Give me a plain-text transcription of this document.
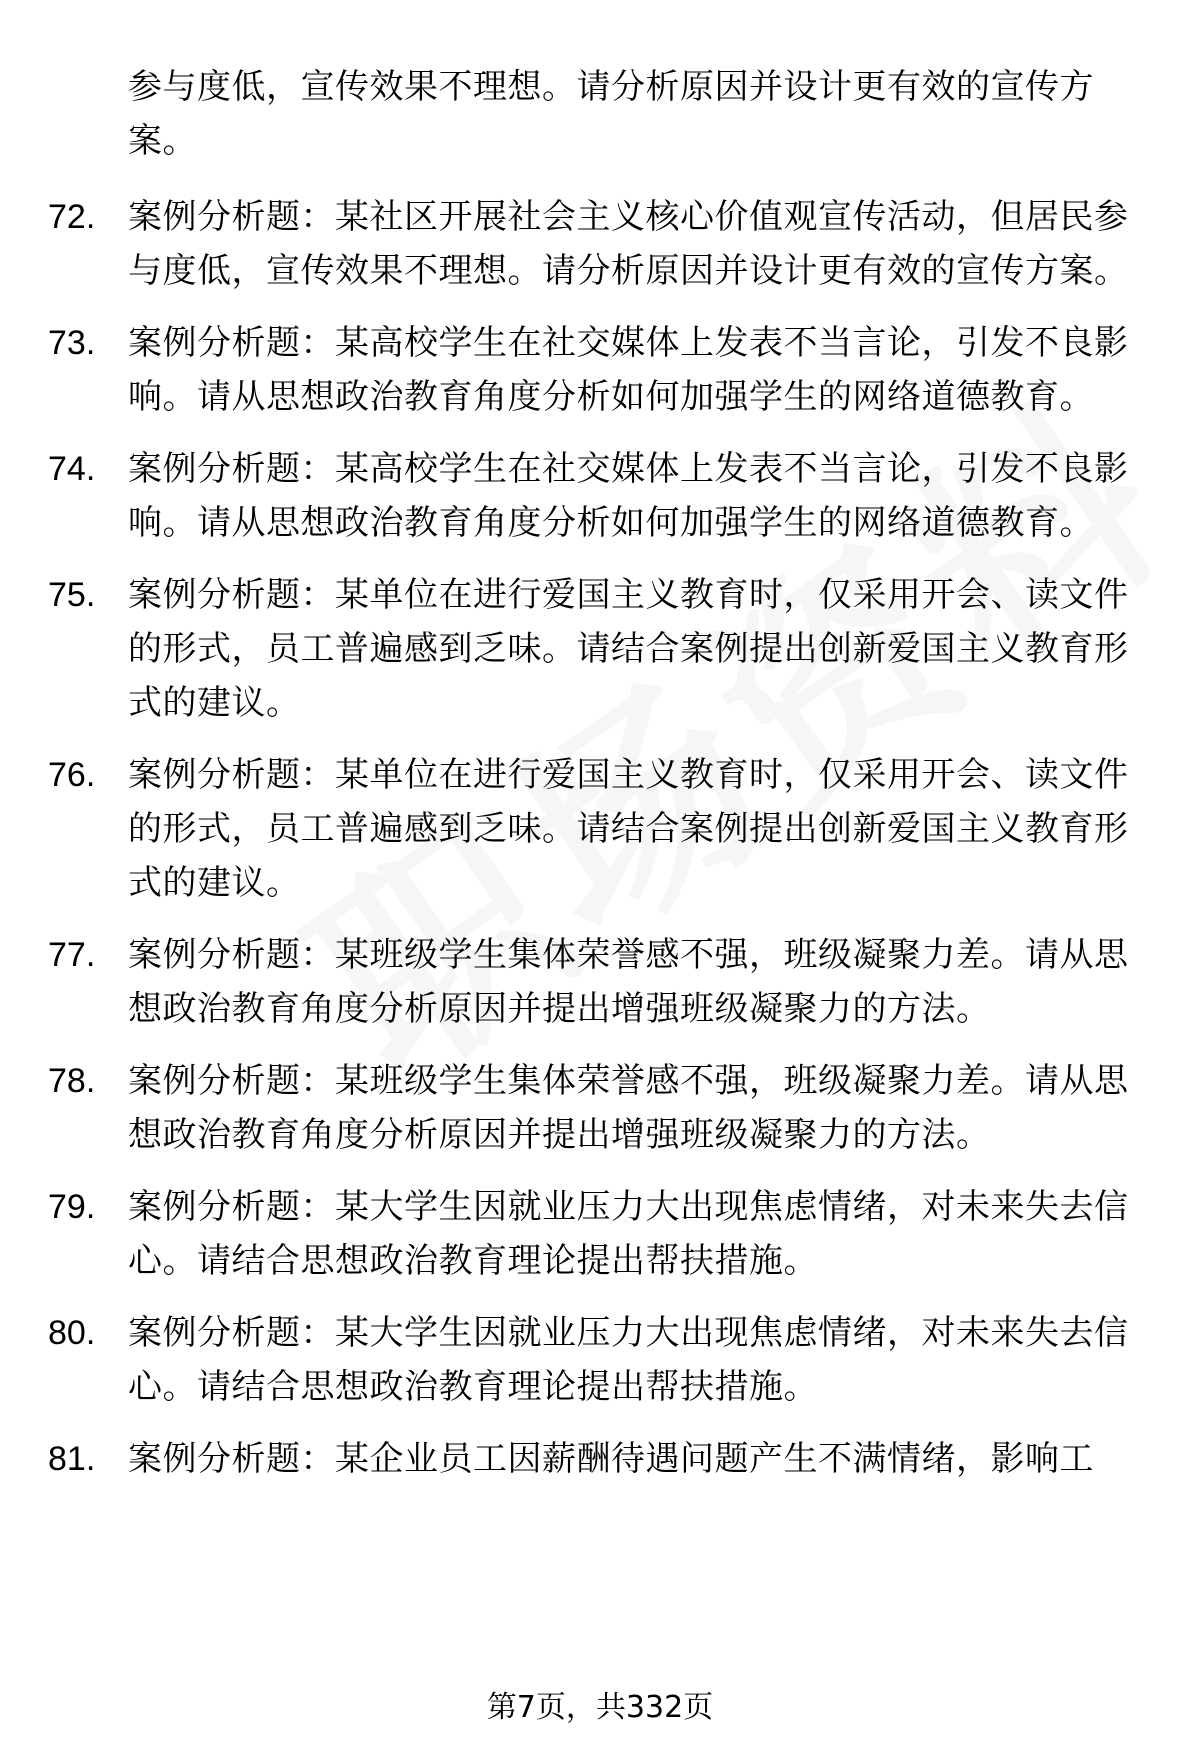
参与度低，宣传效果不理想。请分析原因并设计更有效的宣传方案。
72. 案例分析题：某社区开展社会主义核心价值观宣传活动，但居民参与度低，宣传效果不理想。请分析原因并设计更有效的宣传方案。
73. 案例分析题：某高校学生在社交媒体上发表不当言论，引发不良影响。请从思想政治教育角度分析如何加强学生的网络道德教育。
74. 案例分析题：某高校学生在社交媒体上发表不当言论，引发不良影响。请从思想政治教育角度分析如何加强学生的网络道德教育。
75. 案例分析题：某单位在进行爱国主义教育时，仅采用开会、读文件的形式，员工普遍感到乏味。请结合案例提出创新爱国主义教育形式的建议。
76. 案例分析题：某单位在进行爱国主义教育时，仅采用开会、读文件的形式，员工普遍感到乏味。请结合案例提出创新爱国主义教育形式的建议。
77. 案例分析题：某班级学生集体荣誉感不强，班级凝聚力差。请从思想政治教育角度分析原因并提出增强班级凝聚力的方法。
78. 案例分析题：某班级学生集体荣誉感不强，班级凝聚力差。请从思想政治教育角度分析原因并提出增强班级凝聚力的方法。
79. 案例分析题：某大学生因就业压力大出现焦虑情绪，对未来失去信心。请结合思想政治教育理论提出帮扶措施。
80. 案例分析题：某大学生因就业压力大出现焦虑情绪，对未来失去信心。请结合思想政治教育理论提出帮扶措施。
81. 案例分析题：某企业员工因薪酬待遇问题产生不满情绪，影响工
第7页，共332页
